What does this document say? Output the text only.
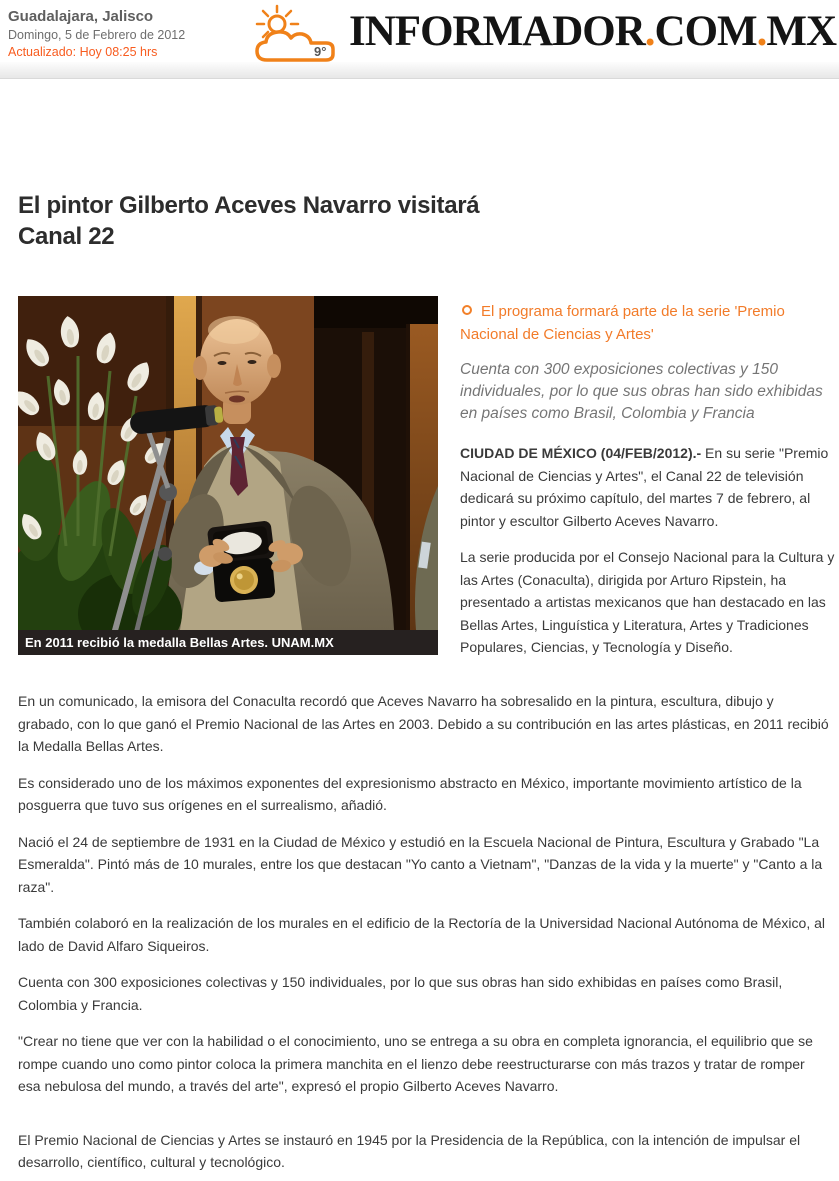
Guadalajara, Jalisco

Domingo, 5 de Febrero de 2012

Actualizado: Hoy 08:25 hrs	9° INFORMADOR.COM.MX
El pintor Gilberto Aceves Navarro visitará
Canal 22
En 2011 recibió la medalla Bellas Artes. UNAM.MX

El programa formará parte de la serie 'Premio Nacional de Ciencias y Artes'

Cuenta con 300 exposiciones colectivas y 150 individuales, por lo que sus obras han sido exhibidas en países como Brasil, Colombia y Francia

CIUDAD DE MÉXICO (04/FEB/2012).- En su serie "Premio Nacional de Ciencias y Artes", el Canal 22 de televisión dedicará su próximo capítulo, del martes 7 de febrero, al pintor y escultor Gilberto Aceves Navarro.

La serie producida por el Consejo Nacional para la Cultura y las Artes (Conaculta), dirigida por Arturo Ripstein, ha presentado a artistas mexicanos que han destacado en las Bellas Artes, Linguística y Literatura, Artes y Tradiciones Populares, Ciencias, y Tecnología y Diseño.

En un comunicado, la emisora del Conaculta recordó que Aceves Navarro ha sobresalido en la pintura, escultura, dibujo y grabado, con lo que ganó el Premio Nacional de las Artes en 2003. Debido a su contribución en las artes plásticas, en 2011 recibió la Medalla Bellas Artes.

Es considerado uno de los máximos exponentes del expresionismo abstracto en México, importante movimiento artístico de la posguerra que tuvo sus orígenes en el surrealismo, añadió.

Nació el 24 de septiembre de 1931 en la Ciudad de México y estudió en la Escuela Nacional de Pintura, Escultura y Grabado "La Esmeralda". Pintó más de 10 murales, entre los que destacan "Yo canto a Vietnam", "Danzas de la vida y la muerte" y "Canto a la raza".

También colaboró en la realización de los murales en el edificio de la Rectoría de la Universidad Nacional Autónoma de México, al lado de David Alfaro Siqueiros.

Cuenta con 300 exposiciones colectivas y 150 individuales, por lo que sus obras han sido exhibidas en países como Brasil, Colombia y Francia.

"Crear no tiene que ver con la habilidad o el conocimiento, uno se entrega a su obra en completa ignorancia, el equilibrio que se rompe cuando uno como pintor coloca la primera manchita en el lienzo debe reestructurarse con más trazos y tratar de romper esa nebulosa del mundo, a través del arte", expresó el propio Gilberto Aceves Navarro.

El Premio Nacional de Ciencias y Artes se instauró en 1945 por la Presidencia de la República, con la intención de impulsar el desarrollo, científico, cultural y tecnológico.
